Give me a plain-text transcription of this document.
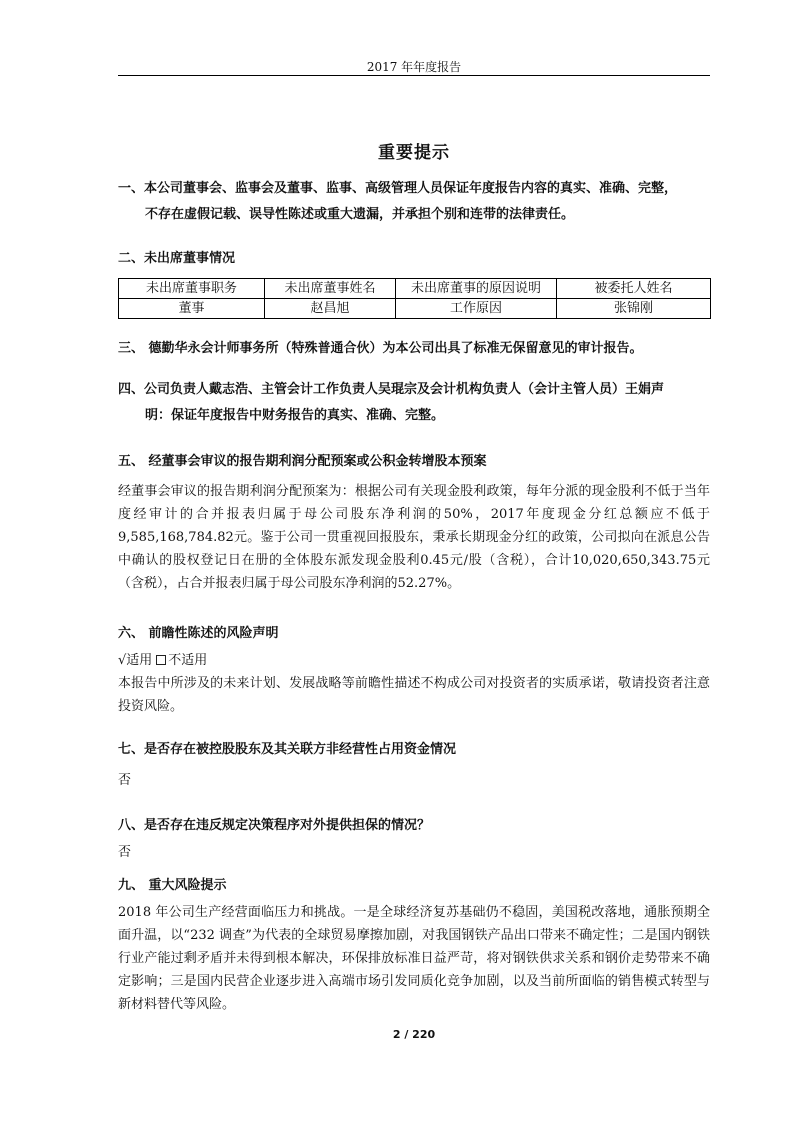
2017 年年度报告
重要提示
一、本公司董事会、监事会及董事、监事、高级管理人员保证年度报告内容的真实、准确、完整，
不存在虚假记载、误导性陈述或重大遗漏，并承担个别和连带的法律责任。
二、未出席董事情况
未出席董事职务	未出席董事姓名	未出席董事的原因说明	被委托人姓名
董事	赵昌旭	工作原因	张锦刚
三、 德勤华永会计师事务所（特殊普通合伙）为本公司出具了标准无保留意见的审计报告。
四、公司负责人戴志浩、主管会计工作负责人吴琨宗及会计机构负责人（会计主管人员）王娟声
明：保证年度报告中财务报告的真实、准确、完整。
五、 经董事会审议的报告期利润分配预案或公积金转增股本预案
经董事会审议的报告期利润分配预案为：根据公司有关现金股利政策，每年分派的现金股利不低于当年度经审计的合并报表归属于母公司股东净利润的50%，2017年度现金分红总额应不低于9,585,168,784.82元。鉴于公司一贯重视回报股东，秉承长期现金分红的政策，公司拟向在派息公告中确认的股权登记日在册的全体股东派发现金股利0.45元/股（含税），合计10,020,650,343.75元（含税），占合并报表归属于母公司股东净利润的52.27%。
六、 前瞻性陈述的风险声明
√适用 不适用
本报告中所涉及的未来计划、发展战略等前瞻性描述不构成公司对投资者的实质承诺，敬请投资者注意投资风险。
七、是否存在被控股股东及其关联方非经营性占用资金情况
否
八、是否存在违反规定决策程序对外提供担保的情况？
否
九、 重大风险提示
2018 年公司生产经营面临压力和挑战。一是全球经济复苏基础仍不稳固，美国税改落地，通胀预期全面升温，以“232 调查”为代表的全球贸易摩擦加剧，对我国钢铁产品出口带来不确定性；二是国内钢铁行业产能过剩矛盾并未得到根本解决，环保排放标准日益严苛，将对钢铁供求关系和钢价走势带来不确定影响；三是国内民营企业逐步进入高端市场引发同质化竞争加剧，以及当前所面临的销售模式转型与新材料替代等风险。
2 / 220
